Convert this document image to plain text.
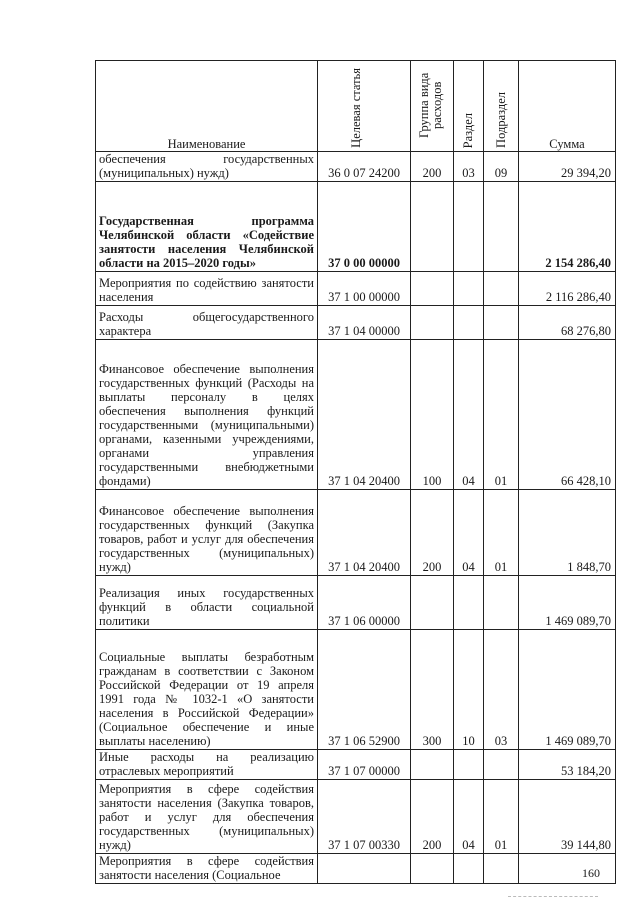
Наименование	Целевая статья	Группа вида расходов	Раздел	Подраздел	Сумма
обеспечения государственных (муниципальных) нужд)	36 0 07 24200	200	03	09	29 394,20
Государственная программа Челябинской области «Содействие занятости населения Челябинской области на 2015–2020 годы»	37 0 00 00000				2 154 286,40
Мероприятия по содействию занятости населения	37 1 00 00000				2 116 286,40
Расходы общегосударственного характера	37 1 04 00000				68 276,80
Финансовое обеспечение выполнения государственных функций (Расходы на выплаты персоналу в целях обеспечения выполнения функций государственными (муниципальными) органами, казенными учреждениями, органами управления государственными внебюджетными фондами)	37 1 04 20400	100	04	01	66 428,10
Финансовое обеспечение выполнения государственных функций (Закупка товаров, работ и услуг для обеспечения государственных (муниципальных) нужд)	37 1 04 20400	200	04	01	1 848,70
Реализация иных государственных функций в области социальной политики	37 1 06 00000				1 469 089,70
Социальные выплаты безработным гражданам в соответствии с Законом Российской Федерации от 19 апреля 1991 года № 1032-1 «О занятости населения в Российской Федерации» (Социальное обеспечение и иные выплаты населению)	37 1 06 52900	300	10	03	1 469 089,70
Иные расходы на реализацию отраслевых мероприятий	37 1 07 00000				53 184,20
Мероприятия в сфере содействия занятости населения (Закупка товаров, работ и услуг для обеспечения государственных (муниципальных) нужд)	37 1 07 00330	200	04	01	39 144,80
Мероприятия в сфере содействия занятости населения (Социальное						160
